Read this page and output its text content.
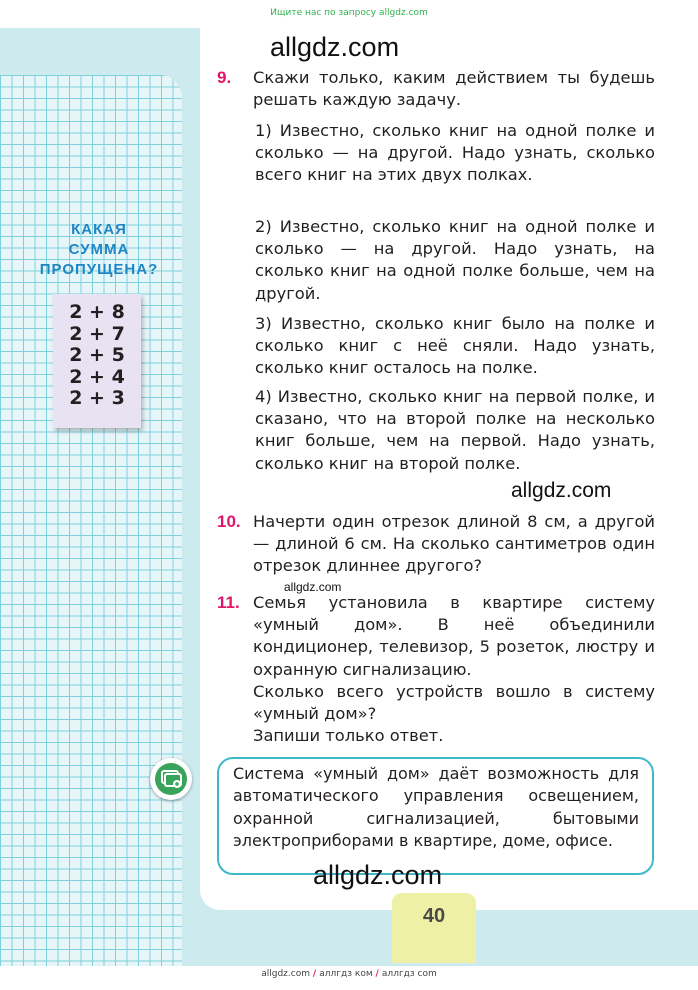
Ищите нас по запросу allgdz.com
allgdz.com
КАКАЯ
СУММА
ПРОПУЩЕНА?
2 + 8
2 + 7
2 + 5
2 + 4
2 + 3
9. Скажи только, каким действием ты будешь решать каждую задачу.
1) Известно, сколько книг на одной полке и сколько — на другой. Надо узнать, сколько всего книг на этих двух полках.
2) Известно, сколько книг на одной полке и сколько — на другой. Надо узнать, на сколько книг на одной полке больше, чем на другой.
3) Известно, сколько книг было на полке и сколько книг с неё сняли. Надо узнать, сколько книг осталось на полке.
4) Известно, сколько книг на первой полке, и сказано, что на второй полке на несколько книг больше, чем на первой. Надо узнать, сколько книг на второй полке.
allgdz.com
10. Начерти один отрезок длиной 8 см, а другой — длиной 6 см. На сколько сантиметров один отрезок длиннее другого?
allgdz.com
11. Семья установила в квартире систему «умный дом». В неё объединили кондиционер, телевизор, 5 розеток, люстру и охранную сигнализацию.
Сколько всего устройств вошло в систему «умный дом»?
Запиши только ответ.
Система «умный дом» даёт возможность для автоматического управления освещением, охранной сигнализацией, бытовыми электроприборами в квартире, доме, офисе.
allgdz.com
40
allgdz.com / аллгдз ком / аллгдз com
